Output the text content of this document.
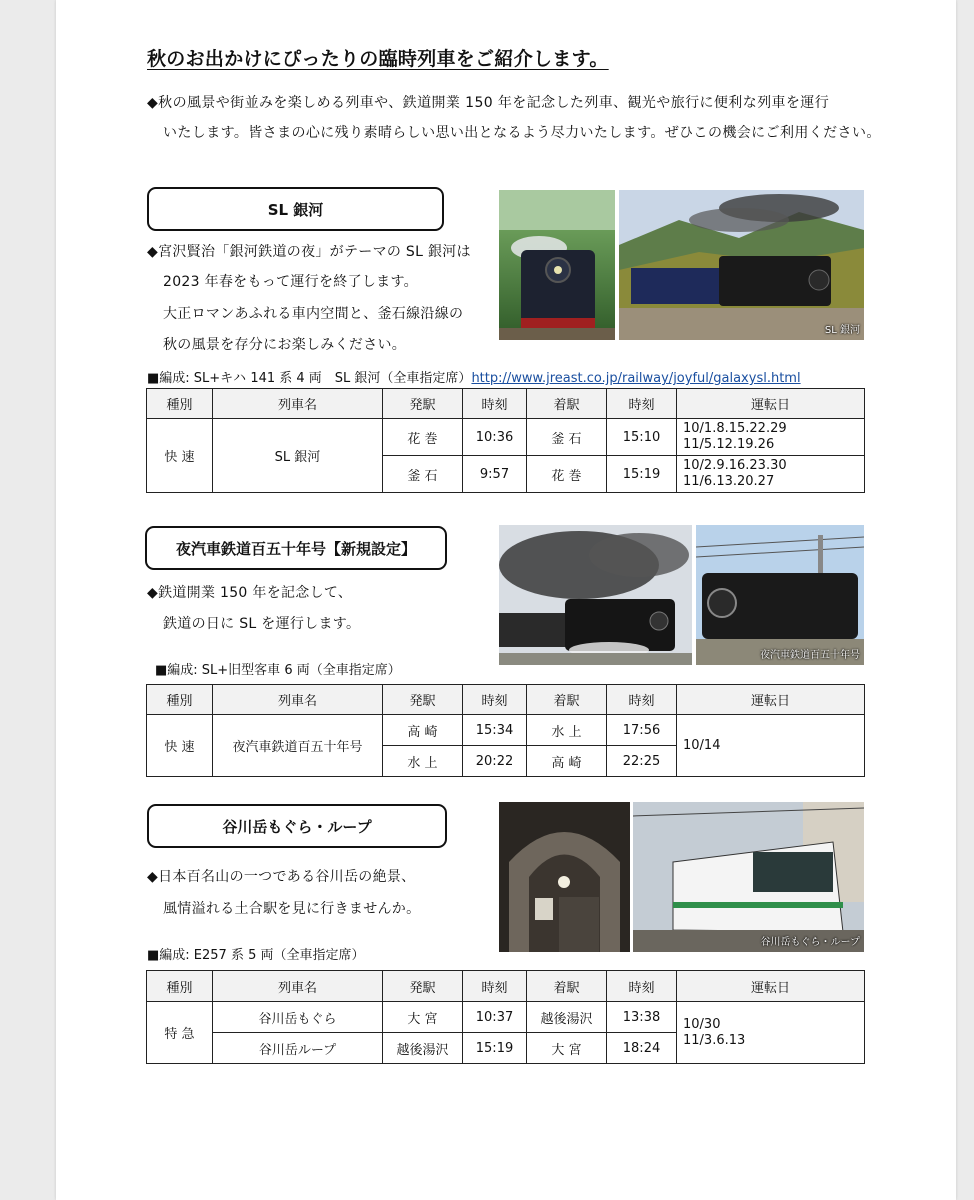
秋のお出かけにぴったりの臨時列車をご紹介します。
◆秋の風景や街並みを楽しめる列車や、鉄道開業 150 年を記念した列車、観光や旅行に便利な列車を運行
いたします。皆さまの心に残り素晴らしい思い出となるよう尽力いたします。ぜひこの機会にご利用ください。
SL 銀河
◆宮沢賢治「銀河鉄道の夜」がテーマの SL 銀河は
2023 年春をもって運行を終了します。
大正ロマンあふれる車内空間と、釜石線沿線の
秋の風景を存分にお楽しみください。
SL 銀河
■編成: SL+キハ 141 系 4 両　SL 銀河（全車指定席）http://www.jreast.co.jp/railway/joyful/galaxysl.html
種別	列車名	発駅	時刻	着駅	時刻	運転日
快 速	SL 銀河	花 巻	10:36	釜 石	15:10	10/1.8.15.22.29
11/5.12.19.26

		釜 石	9:57	花 巻	15:19	10/2.9.16.23.30
11/6.13.20.27
夜汽車鉄道百五十年号【新規設定】
◆鉄道開業 150 年を記念して、
鉄道の日に SL を運行します。
夜汽車鉄道百五十年号
■編成: SL+旧型客車 6 両（全車指定席）
種別	列車名	発駅	時刻	着駅	時刻	運転日
快 速	夜汽車鉄道百五十年号	高 崎	15:34	水 上	17:56	10/14
		水 上	20:22	高 崎	22:25	
谷川岳もぐら・ループ
◆日本百名山の一つである谷川岳の絶景、
風情溢れる土合駅を見に行きませんか。
谷川岳もぐら・ループ
■編成: E257 系 5 両（全車指定席）
種別	列車名	発駅	時刻	着駅	時刻	運転日
特 急	谷川岳もぐら	大 宮	10:37	越後湯沢	13:38	10/30
11/3.6.13

	谷川岳ループ	越後湯沢	15:19	大 宮	18:24	
